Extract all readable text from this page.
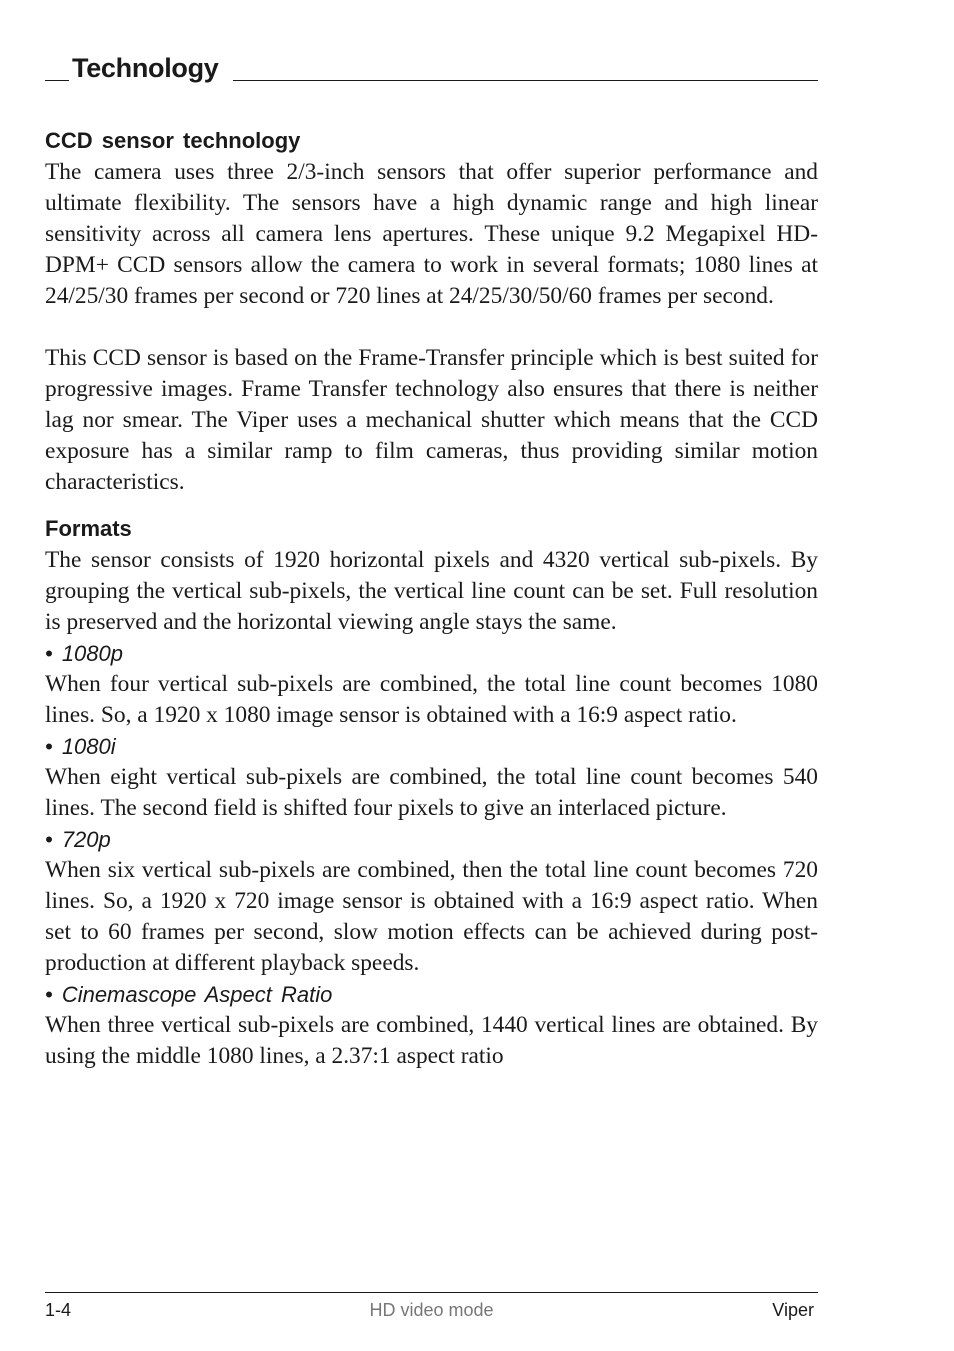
Technology
CCD sensor technology

The camera uses three 2/3-inch sensors that offer superior performance and ultimate flexibility. The sensors have a high dynamic range and high linear sensitivity across all camera lens apertures. These unique 9.2 Megapixel HD-DPM+ CCD sensors allow the camera to work in several formats; 1080 lines at 24/25/30 frames per second or 720 lines at 24/25/30/50/60 frames per second.

This CCD sensor is based on the Frame-Transfer principle which is best suited for progressive images. Frame Transfer technology also ensures that there is neither lag nor smear. The Viper uses a mechanical shutter which means that the CCD exposure has a similar ramp to film cameras, thus providing similar motion characteristics.

Formats

The sensor consists of 1920 horizontal pixels and 4320 vertical sub-pixels. By grouping the vertical sub-pixels, the vertical line count can be set. Full resolution is preserved and the horizontal viewing angle stays the same.

• 1080p

When four vertical sub-pixels are combined, the total line count becomes 1080 lines. So, a 1920 x 1080 image sensor is obtained with a 16:9 aspect ratio.

• 1080i

When eight vertical sub-pixels are combined, the total line count becomes 540 lines. The second field is shifted four pixels to give an interlaced picture.

• 720p

When six vertical sub-pixels are combined, then the total line count becomes 720 lines. So, a 1920 x 720 image sensor is obtained with a 16:9 aspect ratio. When set to 60 frames per second, slow motion effects can be achieved during post-production at different playback speeds.

• Cinemascope Aspect Ratio

When three vertical sub-pixels are combined, 1440 vertical lines are obtained. By using the middle 1080 lines, a 2.37:1 aspect ratio

1-4	HD video mode	Viper
